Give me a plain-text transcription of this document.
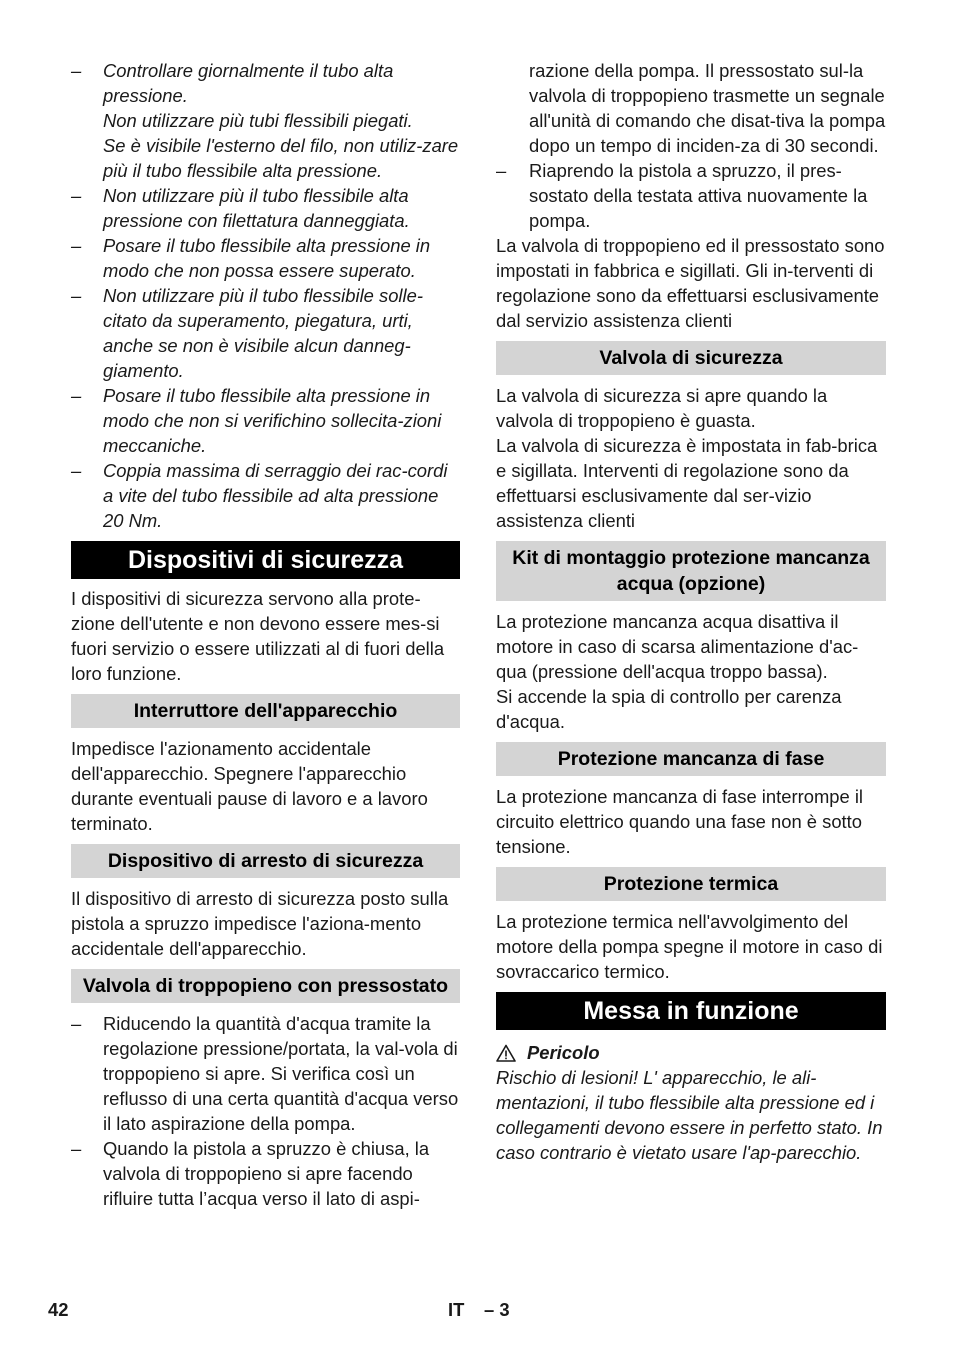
–	Controllare giornalmente il tubo alta pressione.

Non utilizzare più tubi flessibili piegati.

Se è visibile l'esterno del filo, non utiliz-zare più il tubo flessibile alta pressione.

–	Non utilizzare più il tubo flessibile alta pressione con filettatura danneggiata.
–	Posare il tubo flessibile alta pressione in modo che non possa essere superato.
–	Non utilizzare più il tubo flessibile solle-citato da superamento, piegatura, urti, anche se non è visibile alcun danneg-giamento.
–	Posare il tubo flessibile alta pressione in modo che non si verifichino sollecita-zioni meccaniche.
–	Coppia massima di serraggio dei rac-cordi a vite del tubo flessibile ad alta pressione 20 Nm.
Dispositivi di sicurezza

I dispositivi di sicurezza servono alla prote-zione dell'utente e non devono essere mes-si fuori servizio o essere utilizzati al di fuori della loro funzione.

Interruttore dell'apparecchio

Impedisce l'azionamento accidentale dell'apparecchio. Spegnere l'apparecchio durante eventuali pause di lavoro e a lavoro terminato.

Dispositivo di arresto di sicurezza

Il dispositivo di arresto di sicurezza posto sulla pistola a spruzzo impedisce l'aziona-mento accidentale dell'apparecchio.

Valvola di troppopieno con pressostato
–	Riducendo la quantità d'acqua tramite la regolazione pressione/portata, la val-vola di troppopieno si apre. Si verifica così un reflusso di una certa quantità d'acqua verso il lato aspirazione della pompa.
–	Quando la pistola a spruzzo è chiusa, la valvola di troppopieno si apre facendo rifluire tutta l’acqua verso il lato di aspi-

razione della pompa. Il pressostato sul-la valvola di troppopieno trasmette un segnale all'unità di comando che disat-tiva la pompa dopo un tempo di inciden-za di 30 secondi.

–	Riaprendo la pistola a spruzzo, il pres-sostato della testata attiva nuovamente la pompa.

La valvola di troppopieno ed il pressostato sono impostati in fabbrica e sigillati. Gli in-terventi di regolazione sono da effettuarsi esclusivamente dal servizio assistenza clienti

Valvola di sicurezza

La valvola di sicurezza si apre quando la valvola di troppopieno è guasta.

La valvola di sicurezza è impostata in fab-brica e sigillata. Interventi di regolazione sono da effettuarsi esclusivamente dal ser-vizio assistenza clienti

Kit di montaggio protezione mancanza acqua (opzione)

La protezione mancanza acqua disattiva il motore in caso di scarsa alimentazione d'ac-qua (pressione dell'acqua troppo bassa).

Si accende la spia di controllo per carenza d'acqua.

Protezione mancanza di fase

La protezione mancanza di fase interrompe il circuito elettrico quando una fase non è sotto tensione.

Protezione termica

La protezione termica nell'avvolgimento del motore della pompa spegne il motore in caso di sovraccarico termico.

Messa in funzione
Pericolo

Rischio di lesioni! L' apparecchio, le ali-mentazioni, il tubo flessibile alta pressione ed i collegamenti devono essere in perfetto stato. In caso contrario è vietato usare l'ap-parecchio.

42	IT – 3
